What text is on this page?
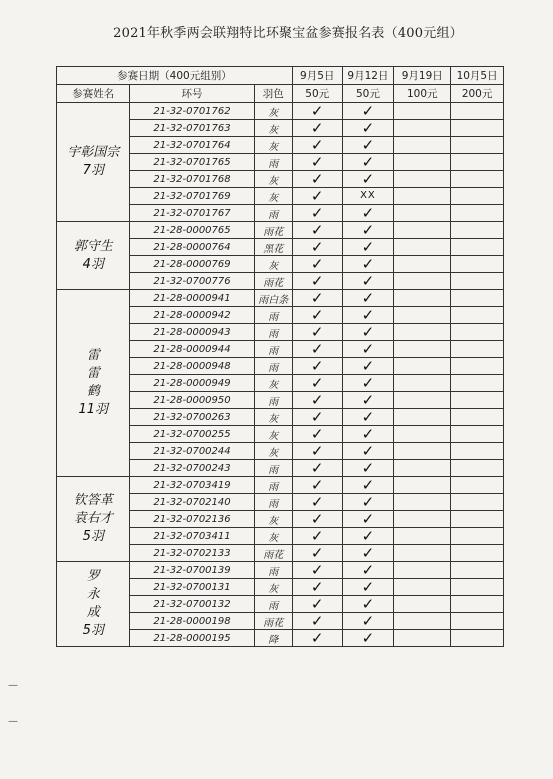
2021年秋季两会联翔特比环聚宝盆参赛报名表（400元组）
参赛日期（400元组别）			9月5日	9月12日	9月19日	10月5日
参赛姓名	环号	羽色	50元	50元	100元	200元

宇彰国宗
7羽	21-32-0701762	灰	✓	✓		
	21-32-0701763	灰	✓	✓		
	21-32-0701764	灰	✓	✓		
	21-32-0701765	雨	✓	✓		
	21-32-0701768	灰	✓	✓		
	21-32-0701769	灰	✓	XX		
	21-32-0701767	雨	✓	✓		

郭守生
4羽	21-28-0000765	雨花	✓	✓		
	21-28-0000764	黑花	✓	✓		
	21-28-0000769	灰	✓	✓		
	21-32-0700776	雨花	✓	✓		

雷
雷
鹤
11羽	21-28-0000941	雨白条	✓	✓		
	21-28-0000942	雨	✓	✓		
	21-28-0000943	雨	✓	✓		
	21-28-0000944	雨	✓	✓		
	21-28-0000948	雨	✓	✓		
	21-28-0000949	灰	✓	✓		
	21-28-0000950	雨	✓	✓		
	21-32-0700263	灰	✓	✓		
	21-32-0700255	灰	✓	✓		
	21-32-0700244	灰	✓	✓		
	21-32-0700243	雨	✓	✓		

钦答革
袁右才
5羽	21-32-0703419	雨	✓	✓		
	21-32-0702140	雨	✓	✓		
	21-32-0702136	灰	✓	✓		
	21-32-0703411	灰	✓	✓		
	21-32-0702133	雨花	✓	✓		

罗
永
成
5羽	21-32-0700139	雨	✓	✓		
	21-32-0700131	灰	✓	✓		
	21-32-0700132	雨	✓	✓		
	21-28-0000198	雨花	✓	✓		
	21-28-0000195	降	✓	✓		
—
—
